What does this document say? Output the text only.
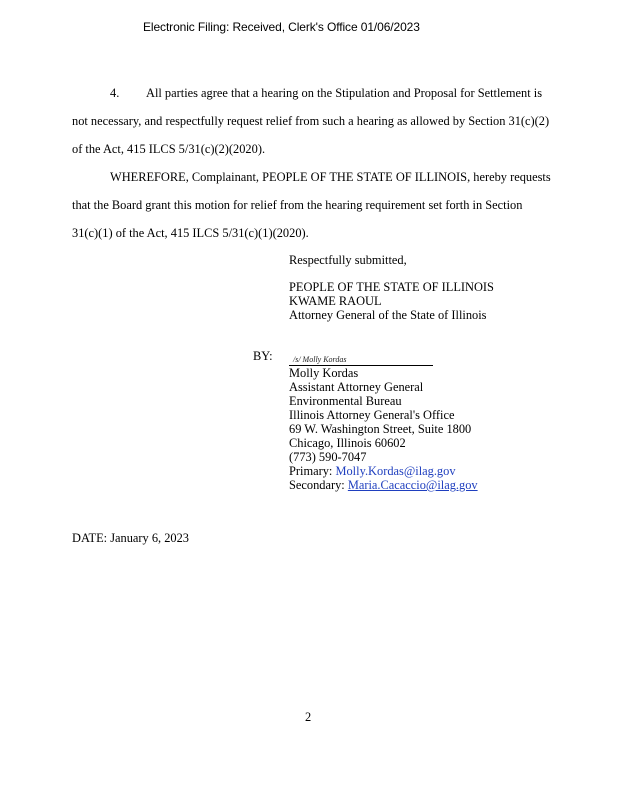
Electronic Filing: Received, Clerk's Office 01/06/2023
4. All parties agree that a hearing on the Stipulation and Proposal for Settlement is
not necessary, and respectfully request relief from such a hearing as allowed by Section 31(c)(2)
of the Act, 415 ILCS 5/31(c)(2)(2020).
WHEREFORE, Complainant, PEOPLE OF THE STATE OF ILLINOIS, hereby requests
that the Board grant this motion for relief from the hearing requirement set forth in Section
31(c)(1) of the Act, 415 ILCS 5/31(c)(1)(2020).
Respectfully submitted,
PEOPLE OF THE STATE OF ILLINOIS
KWAME RAOUL
Attorney General of the State of Illinois
BY:	/s/ Molly Kordas
Molly Kordas
Assistant Attorney General
Environmental Bureau
Illinois Attorney General's Office
69 W. Washington Street, Suite 1800
Chicago, Illinois 60602
(773) 590-7047
Primary: Molly.Kordas@ilag.gov
Secondary: Maria.Cacaccio@ilag.gov
DATE: January 6, 2023
2
